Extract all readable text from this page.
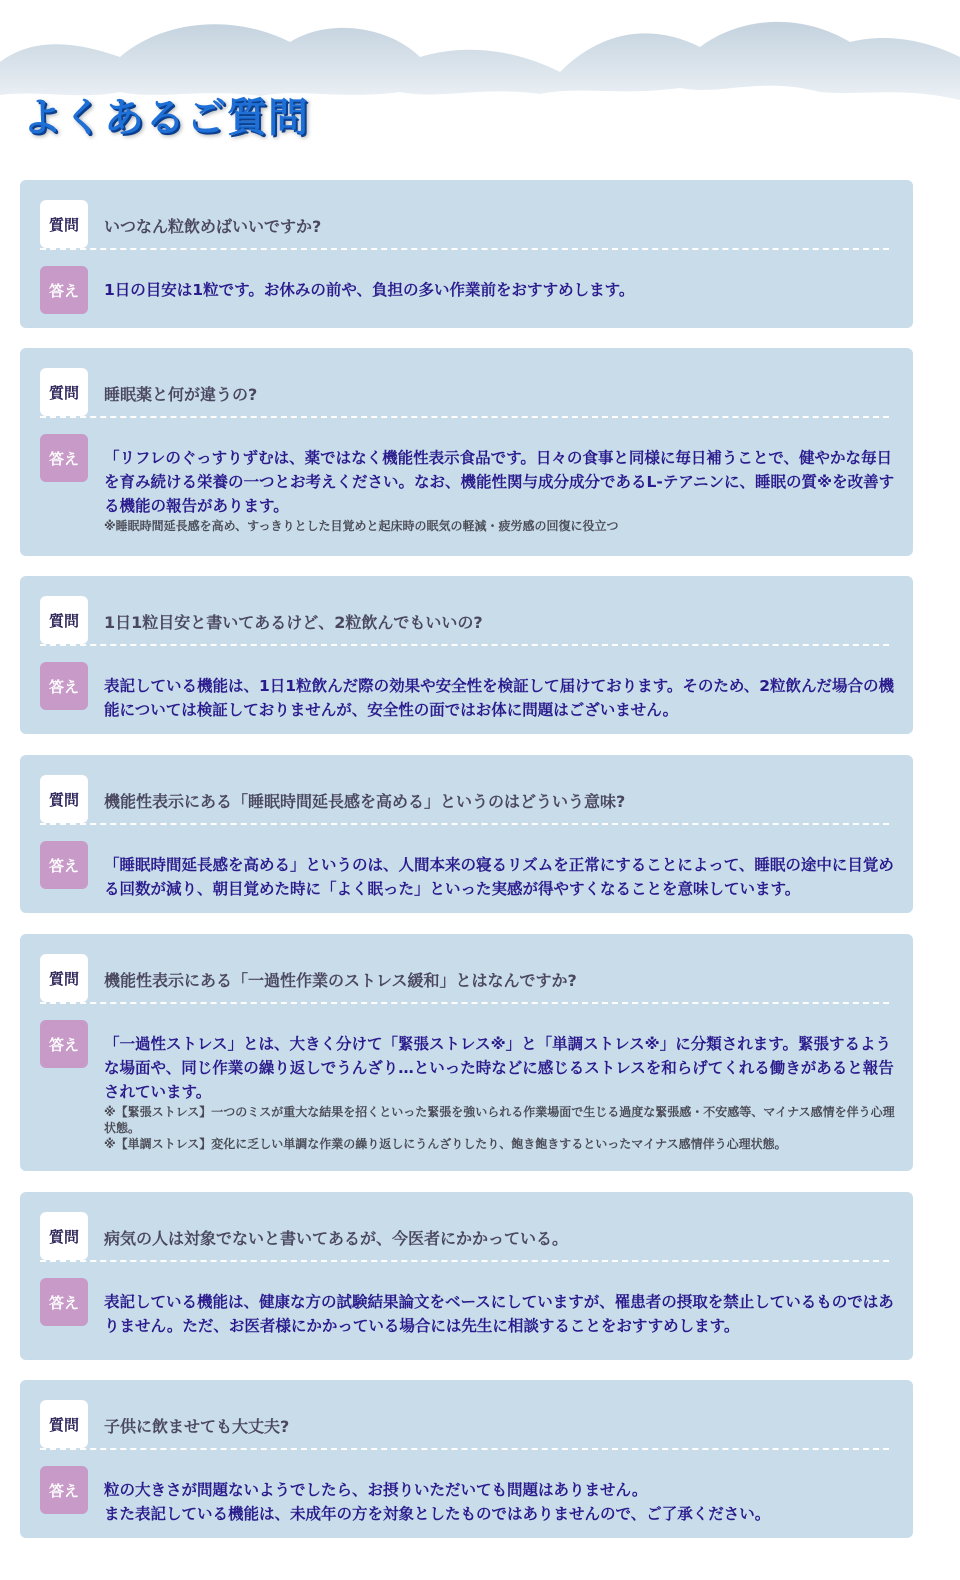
よくあるご質問
質問	いつなん粒飲めばいいですか?
答え	1日の目安は1粒です。お休みの前や、負担の多い作業前をおすすめします。
質問	睡眠薬と何が違うの?
答え	「リフレのぐっすりずむは、薬ではなく機能性表示食品です。日々の食事と同様に毎日補うことで、健やかな毎日を育み続ける栄養の一つとお考えください。なお、機能性関与成分成分であるL-テアニンに、睡眠の質※を改善する機能の報告があります。
※睡眠時間延長感を高め、すっきりとした目覚めと起床時の眠気の軽減・疲労感の回復に役立つ
質問	1日1粒目安と書いてあるけど、2粒飲んでもいいの?
答え	表記している機能は、1日1粒飲んだ際の効果や安全性を検証して届けております。そのため、2粒飲んだ場合の機能については検証しておりませんが、安全性の面ではお体に問題はございません。
質問	機能性表示にある「睡眠時間延長感を高める」というのはどういう意味?
答え	「睡眠時間延長感を高める」というのは、人間本来の寝るリズムを正常にすることによって、睡眠の途中に目覚める回数が減り、朝目覚めた時に「よく眠った」といった実感が得やすくなることを意味しています。
質問	機能性表示にある「一過性作業のストレス緩和」とはなんですか?
答え	「一過性ストレス」とは、大きく分けて「緊張ストレス※」と「単調ストレス※」に分類されます。緊張するような場面や、同じ作業の繰り返しでうんざり…といった時などに感じるストレスを和らげてくれる働きがあると報告されています。
※【緊張ストレス】一つのミスが重大な結果を招くといった緊張を強いられる作業場面で生じる過度な緊張感・不安感等、マイナス感情を伴う心理状態。
※【単調ストレス】変化に乏しい単調な作業の繰り返しにうんざりしたり、飽き飽きするといったマイナス感情伴う心理状態。
質問	病気の人は対象でないと書いてあるが、今医者にかかっている。
答え	表記している機能は、健康な方の試験結果論文をベースにしていますが、罹患者の摂取を禁止しているものではありません。ただ、お医者様にかかっている場合には先生に相談することをおすすめします。
質問	子供に飲ませても大丈夫?
答え	粒の大きさが問題ないようでしたら、お摂りいただいても問題はありません。
また表記している機能は、未成年の方を対象としたものではありませんので、ご了承ください。
